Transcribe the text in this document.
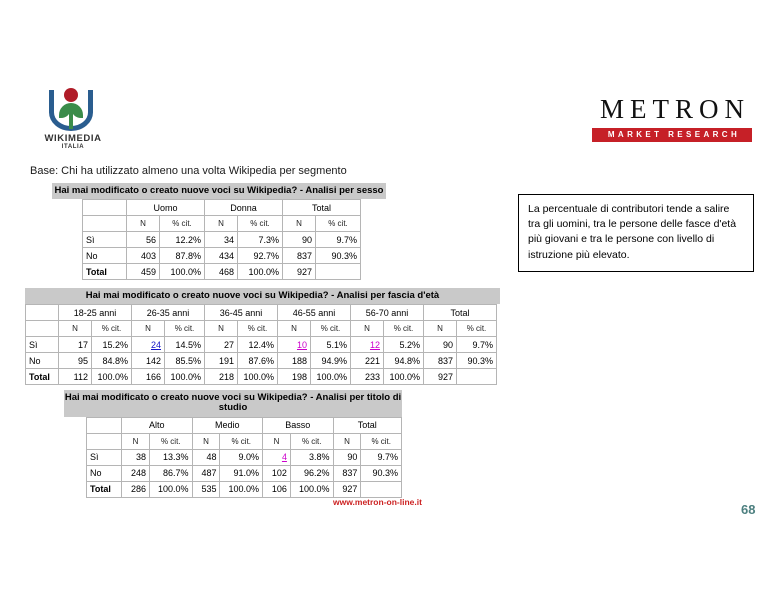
WIKIMEDIA
ITALIA
METRON
MARKET RESEARCH
Base: Chi ha utilizzato almeno una volta Wikipedia per segmento
Hai mai modificato o creato nuove voci su Wikipedia? - Analisi per sesso
	Uomo		Donna		Total	
	N	% cit.	N	% cit.	N	% cit.
Sì	56	12.2%	34	7.3%	90	9.7%
No	403	87.8%	434	92.7%	837	90.3%
Total	459	100.0%	468	100.0%	927	
Hai mai modificato o creato nuove voci su Wikipedia? - Analisi per fascia d'età
	18-25 anni		26-35 anni		36-45 anni		46-55 anni		56-70 anni		Total	
	N	% cit.	N	% cit.	N	% cit.	N	% cit.	N	% cit.	N	% cit.
Sì	17	15.2%	24	14.5%	27	12.4%	10	5.1%	12	5.2%	90	9.7%
No	95	84.8%	142	85.5%	191	87.6%	188	94.9%	221	94.8%	837	90.3%
Total	112	100.0%	166	100.0%	218	100.0%	198	100.0%	233	100.0%	927	
Hai mai modificato o creato nuove voci su Wikipedia? - Analisi per titolo di studio
	Alto		Medio		Basso		Total	
	N	% cit.	N	% cit.	N	% cit.	N	% cit.
Sì	38	13.3%	48	9.0%	4	3.8%	90	9.7%
No	248	86.7%	487	91.0%	102	96.2%	837	90.3%
Total	286	100.0%	535	100.0%	106	100.0%	927	
La percentuale di contributori tende a salire tra gli uomini, tra le persone delle fasce d'età più giovani e tra le persone con livello di istruzione più elevato.
www.metron-on-line.it	68
